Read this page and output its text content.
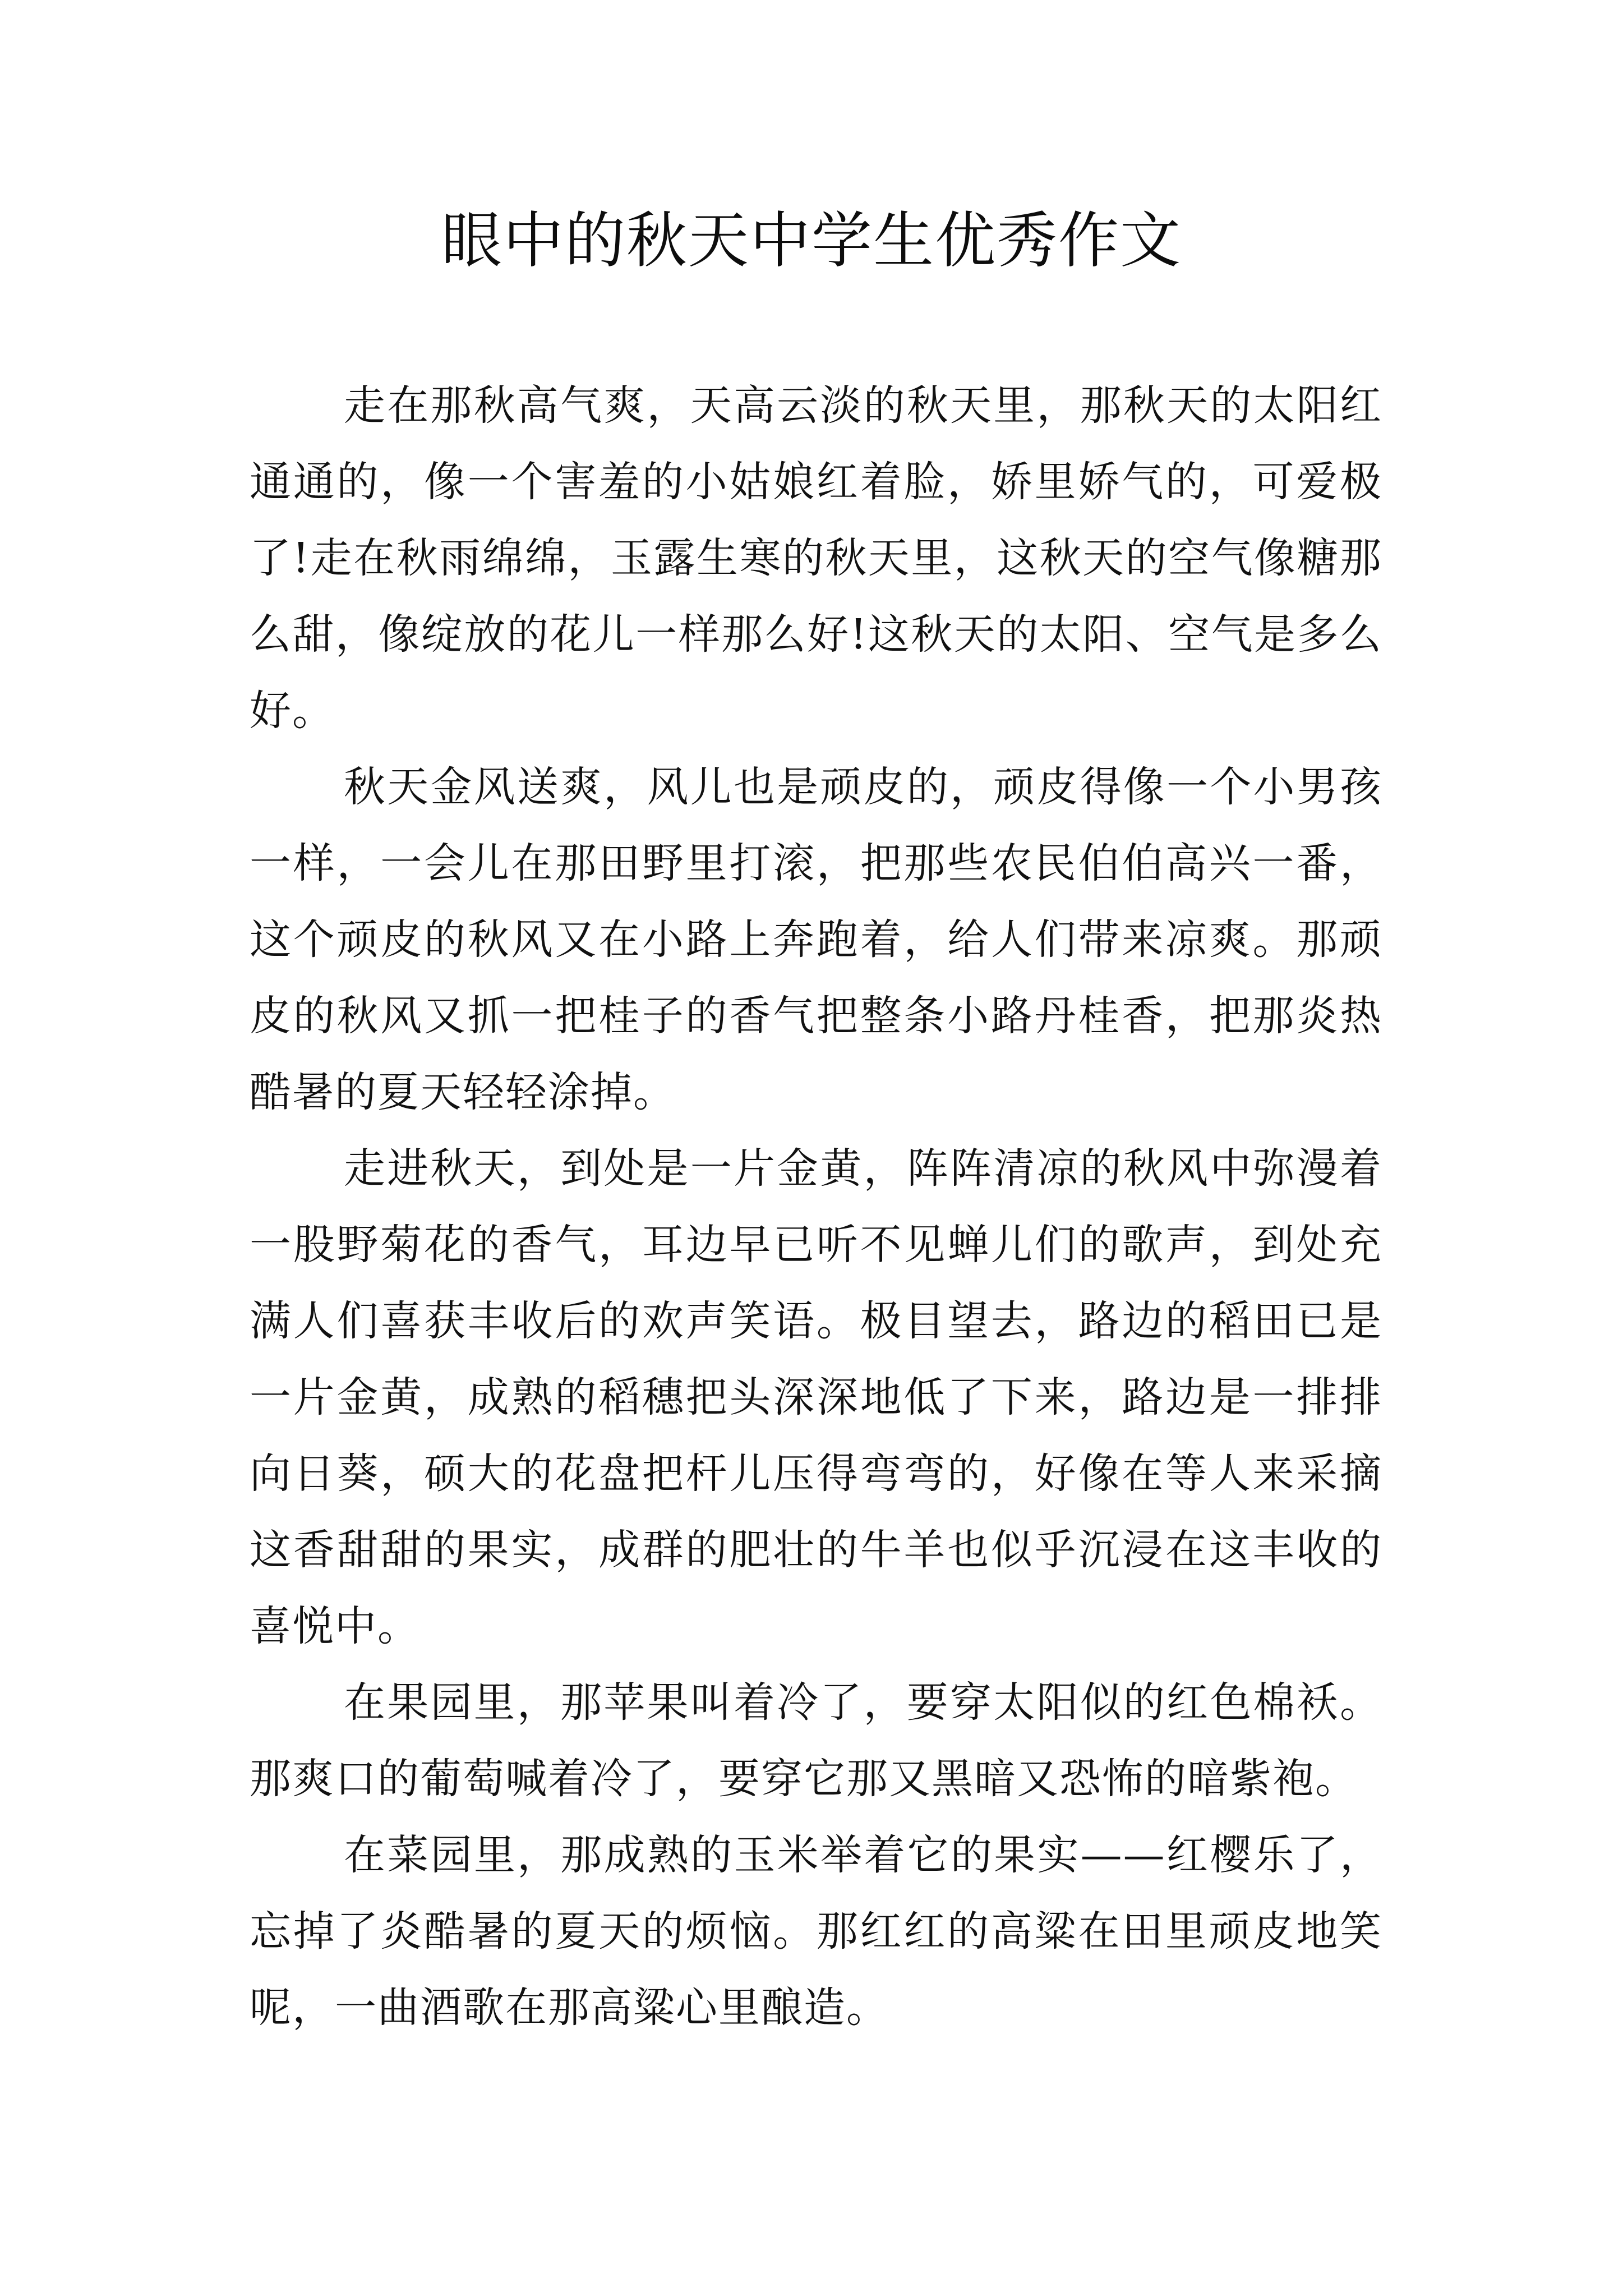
眼中的秋天中学生优秀作文

走在那秋高气爽，天高云淡的秋天里，那秋天的太阳红通通的，像一个害羞的小姑娘红着脸，娇里娇气的，可爱极了!走在秋雨绵绵，玉露生寒的秋天里，这秋天的空气像糖那么甜，像绽放的花儿一样那么好!这秋天的太阳、空气是多么好。

秋天金风送爽，风儿也是顽皮的，顽皮得像一个小男孩一样，一会儿在那田野里打滚，把那些农民伯伯高兴一番，这个顽皮的秋风又在小路上奔跑着，给人们带来凉爽。那顽皮的秋风又抓一把桂子的香气把整条小路丹桂香，把那炎热酷暑的夏天轻轻涂掉。

走进秋天，到处是一片金黄，阵阵清凉的秋风中弥漫着一股野菊花的香气，耳边早已听不见蝉儿们的歌声，到处充满人们喜获丰收后的欢声笑语。极目望去，路边的稻田已是一片金黄，成熟的稻穗把头深深地低了下来，路边是一排排向日葵，硕大的花盘把杆儿压得弯弯的，好像在等人来采摘这香甜甜的果实，成群的肥壮的牛羊也似乎沉浸在这丰收的喜悦中。

在果园里，那苹果叫着冷了，要穿太阳似的红色棉袄。那爽口的葡萄喊着冷了，要穿它那又黑暗又恐怖的暗紫袍。

在菜园里，那成熟的玉米举着它的果实——红樱乐了，忘掉了炎酷暑的夏天的烦恼。那红红的高粱在田里顽皮地笑呢，一曲酒歌在那高粱心里酿造。
